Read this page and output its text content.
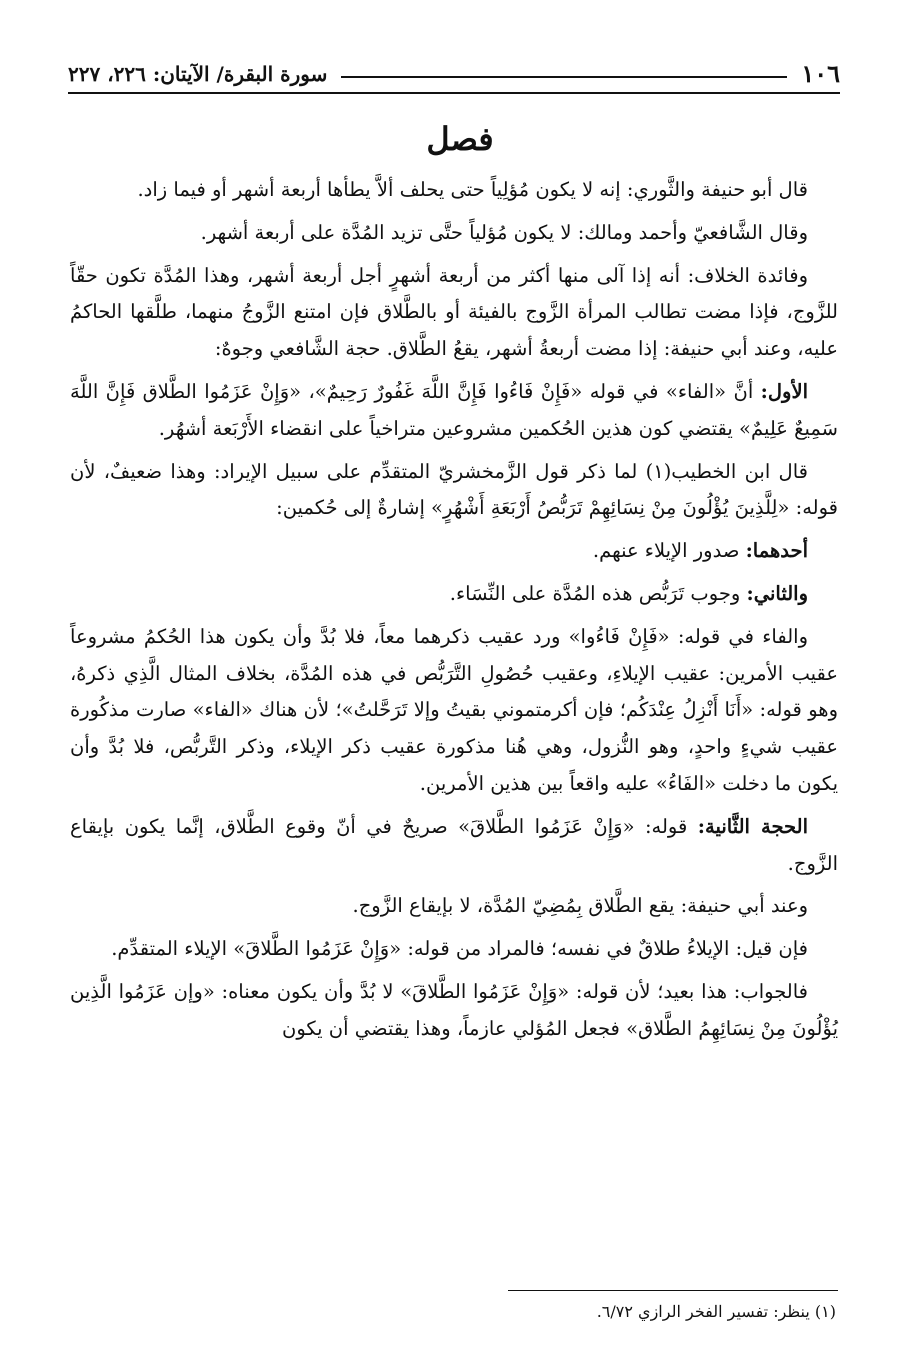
١٠٦
سورة البقرة/ الآيتان: ٢٢٦، ٢٢٧
فصل

قال أبو حنيفة والثَّوري: إنه لا يكون مُؤلِياً حتى يحلف ألاَّ يطأها أربعة أشهر أو فيما زاد.

وقال الشَّافعيّ وأحمد ومالك: لا يكون مُؤلياً حتَّى تزيد المُدَّة على أربعة أشهر.

وفائدة الخلاف: أنه إذا آلى منها أكثر من أربعة أشهرٍ أجل أربعة أشهر، وهذا المُدَّة تكون حقّاً للزَّوج، فإذا مضت تطالب المرأة الزَّوج بالفيئة أو بالطَّلاق فإن امتنع الزَّوجُ منهما، طلَّقها الحاكمُ عليه، وعند أبي حنيفة: إذا مضت أربعةُ أشهر، يقعُ الطَّلاق. حجة الشَّافعي وجوهٌ:

الأول: أنَّ «الفاء» في قوله «فَإِنْ فَاءُوا فَإِنَّ اللَّهَ غَفُورٌ رَحِيمٌ»، «وَإِنْ عَزَمُوا الطَّلاق فَإِنَّ اللَّهَ سَمِيعٌ عَلِيمٌ» يقتضي كون هذين الحُكمين مشروعين متراخياً على انقضاء الأَرْبَعة أشهُر.

قال ابن الخطيب(١) لما ذكر قول الزَّمخشريّ المتقدِّم على سبيل الإيراد: وهذا ضعيفٌ، لأن قوله: «لِلَّذِينَ يُؤْلُونَ مِنْ نِسَائِهِمْ تَرَبُّصُ أَرْبَعَةِ أَشْهُرٍ» إشارةٌ إلى حُكمين:

أحدهما: صدور الإيلاء عنهم.

والثاني: وجوب تَرَبُّص هذه المُدَّة على النِّسَاء.

والفاء في قوله: «فَإِنْ فَاءُوا» ورد عقيب ذكرهما معاً، فلا بُدَّ وأن يكون هذا الحُكمُ مشروعاً عقيب الأمرين: عقيب الإيلاءِ، وعقيب حُصُولِ التَّرَبُّص في هذه المُدَّة، بخلاف المثال الَّذِي ذكرهُ، وهو قوله: «أَنَا أَنْزِلُ عِنْدَكُم؛ فإن أكرمتموني بقيتُ وإلا تَرَحَّلتُ»؛ لأن هناك «الفاء» صارت مذكُورة عقيب شيءٍ واحدٍ، وهو النُّزول، وهي هُنا مذكورة عقيب ذكر الإيلاء، وذكر التَّربُّص، فلا بُدَّ وأن يكون ما دخلت «الفَاءُ» عليه واقعاً بين هذين الأمرين.

الحجة الثَّانية: قوله: «وَإِنْ عَزَمُوا الطَّلاقَ» صريحٌ في أنّ وقوع الطَّلاق، إنَّما يكون بإيقاع الزَّوج.

وعند أبي حنيفة: يقع الطَّلاق بِمُضِيّ المُدَّة، لا بإيقاع الزَّوج.

فإن قيل: الإيلاءُ طلاقٌ في نفسه؛ فالمراد من قوله: «وَإِنْ عَزَمُوا الطَّلاقَ» الإيلاء المتقدِّم.

فالجواب: هذا بعيد؛ لأن قوله: «وَإِنْ عَزَمُوا الطَّلاقَ» لا بُدَّ وأن يكون معناه: «وإن عَزَمُوا الَّذِين يُؤْلُونَ مِنْ نِسَائِهِمُ الطَّلاق» فجعل المُؤلي عازماً، وهذا يقتضي أن يكون

(١) ينظر: تفسير الفخر الرازي ٦/٧٢.
